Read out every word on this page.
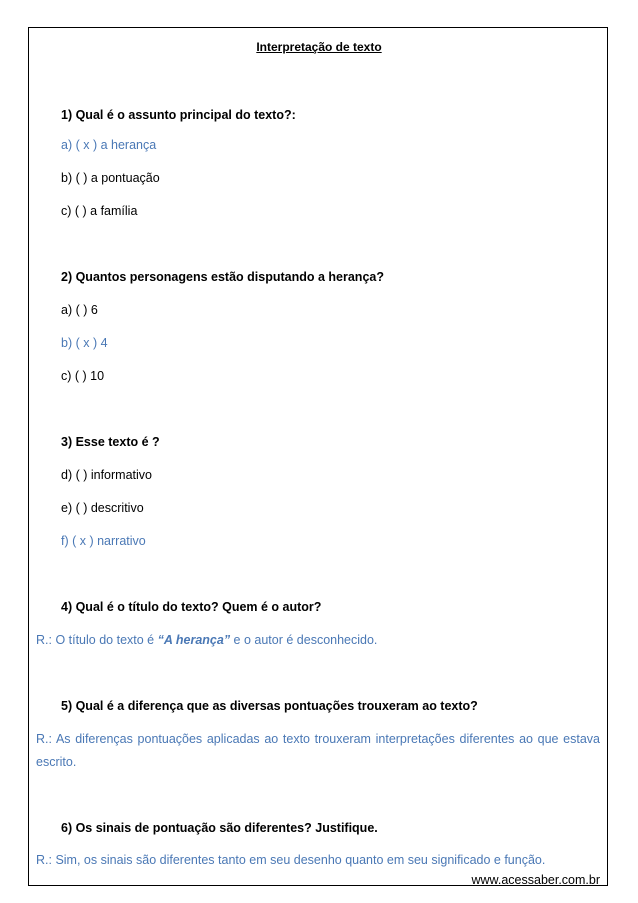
Interpretação de texto
1) Qual é o assunto principal do texto?:
a) ( x ) a herança
b) ( ) a pontuação
c) ( ) a família
2) Quantos personagens estão disputando a herança?
a) ( ) 6
b) ( x ) 4
c) ( ) 10
3) Esse texto é ?
d) ( ) informativo
e) ( ) descritivo
f) ( x ) narrativo
4) Qual é o título do texto? Quem é o autor?
R.: O título do texto é “A herança” e o autor é desconhecido.
5) Qual é a diferença que as diversas pontuações trouxeram ao texto?
R.: As diferenças pontuações aplicadas ao texto trouxeram interpretações diferentes ao que estava escrito.
6) Os sinais de pontuação são diferentes? Justifique.
R.: Sim, os sinais são diferentes tanto em seu desenho quanto em seu significado e função.
www.acessaber.com.br
